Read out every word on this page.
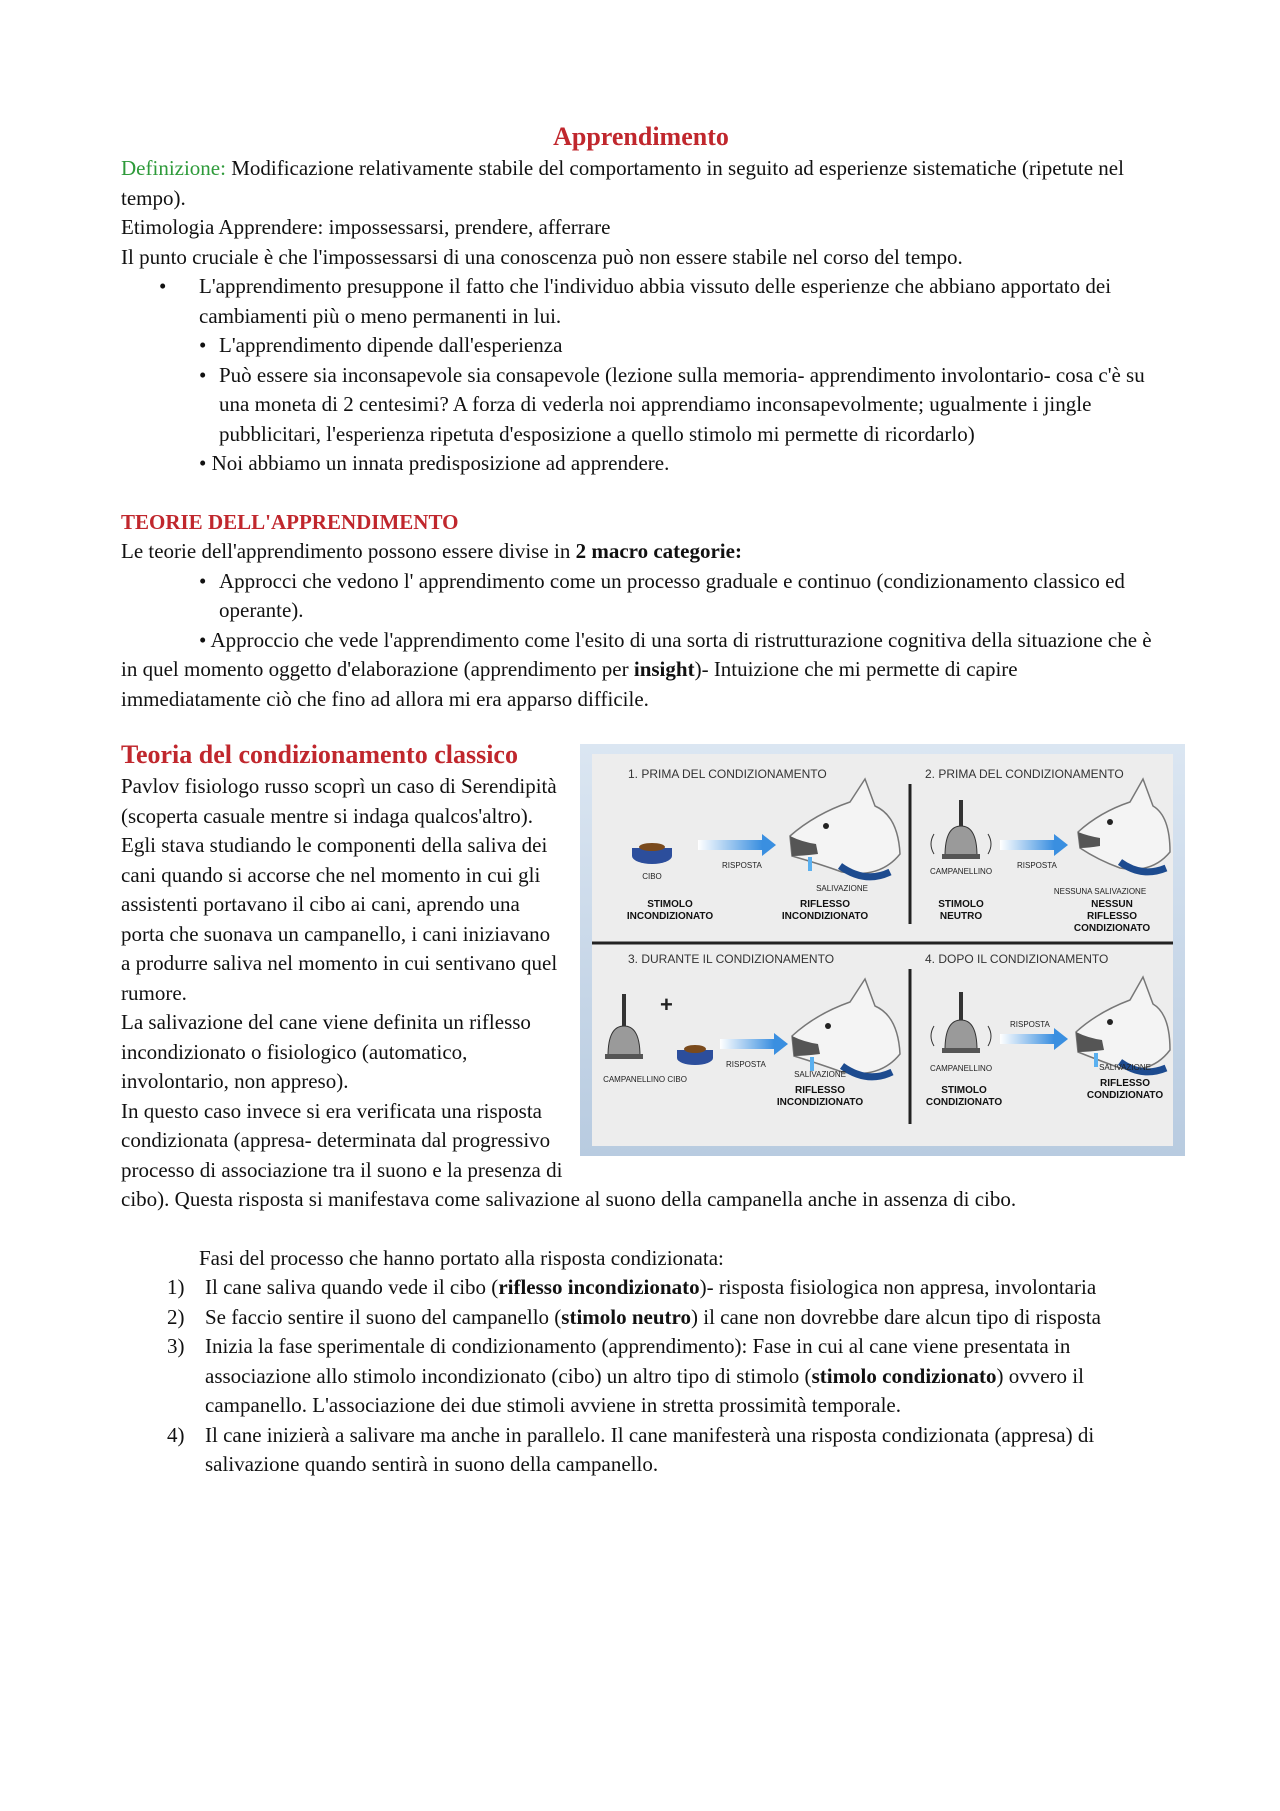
Apprendimento

Definizione: Modificazione relativamente stabile del comportamento in seguito ad esperienze sistematiche (ripetute nel tempo).

Etimologia Apprendere: impossessarsi, prendere, afferrare

Il punto cruciale è che l'impossessarsi di una conoscenza può non essere stabile nel corso del tempo.

• L'apprendimento presuppone il fatto che l'individuo abbia vissuto delle esperienze che abbiano apportato dei cambiamenti più o meno permanenti in lui.
• L'apprendimento dipende dall'esperienza
• Può essere sia inconsapevole sia consapevole (lezione sulla memoria- apprendimento involontario- cosa c'è su una moneta di 2 centesimi? A forza di vederla noi apprendiamo inconsapevolmente; ugualmente i jingle pubblicitari, l'esperienza ripetuta d'esposizione a quello stimolo mi permette di ricordarlo)
• Noi abbiamo un innata predisposizione ad apprendere.

TEORIE DELL'APPRENDIMENTO

Le teorie dell'apprendimento possono essere divise in 2 macro categorie:

• Approcci che vedono l' apprendimento come un processo graduale e continuo (condizionamento classico ed operante).

• Approccio che vede l'apprendimento come l'esito di una sorta di ristrutturazione cognitiva della situazione che è in quel momento oggetto d'elaborazione (apprendimento per insight)- Intuizione che mi permette di capire immediatamente ciò che fino ad allora mi era apparso difficile.

1. PRIMA DEL CONDIZIONAMENTO	2. PRIMA DEL CONDIZIONAMENTO
3. DURANTE IL CONDIZIONAMENTO	4. DOPO IL CONDIZIONAMENTO
CIBO
RISPOSTA
SALIVAZIONE
STIMOLO
INCONDIZIONATO
RIFLESSO
INCONDIZIONATO
CAMPANELLINO
RISPOSTA
NESSUNA SALIVAZIONE
STIMOLO
NEUTRO
NESSUN
RIFLESSO
CONDIZIONATO
+
CAMPANELLINO CIBO
RISPOSTA
SALIVAZIONE
RIFLESSO
INCONDIZIONATO
CAMPANELLINO
RISPOSTA
SALIVAZIONE
STIMOLO
CONDIZIONATO
RIFLESSO
CONDIZIONATO
Teoria del condizionamento classico

Pavlov fisiologo russo scoprì un caso di Serendipità (scoperta casuale mentre si indaga qualcos'altro).

Egli stava studiando le componenti della saliva dei cani quando si accorse che nel momento in cui gli assistenti portavano il cibo ai cani, aprendo una porta che suonava un campanello, i cani iniziavano a produrre saliva nel momento in cui sentivano quel rumore.

La salivazione del cane viene definita un riflesso incondizionato o fisiologico (automatico, involontario, non appreso).

In questo caso invece si era verificata una risposta condizionata (appresa- determinata dal progressivo processo di associazione tra il suono e la presenza di cibo). Questa risposta si manifestava come salivazione al suono della campanella anche in assenza di cibo.

Fasi del processo che hanno portato alla risposta condizionata:

1) Il cane saliva quando vede il cibo (riflesso incondizionato)- risposta fisiologica non appresa, involontaria
2) Se faccio sentire il suono del campanello (stimolo neutro) il cane non dovrebbe dare alcun tipo di risposta
3) Inizia la fase sperimentale di condizionamento (apprendimento): Fase in cui al cane viene presentata in associazione allo stimolo incondizionato (cibo) un altro tipo di stimolo (stimolo condizionato) ovvero il campanello. L'associazione dei due stimoli avviene in stretta prossimità temporale.
4) Il cane inizierà a salivare ma anche in parallelo. Il cane manifesterà una risposta condizionata (appresa) di salivazione quando sentirà in suono della campanello.
